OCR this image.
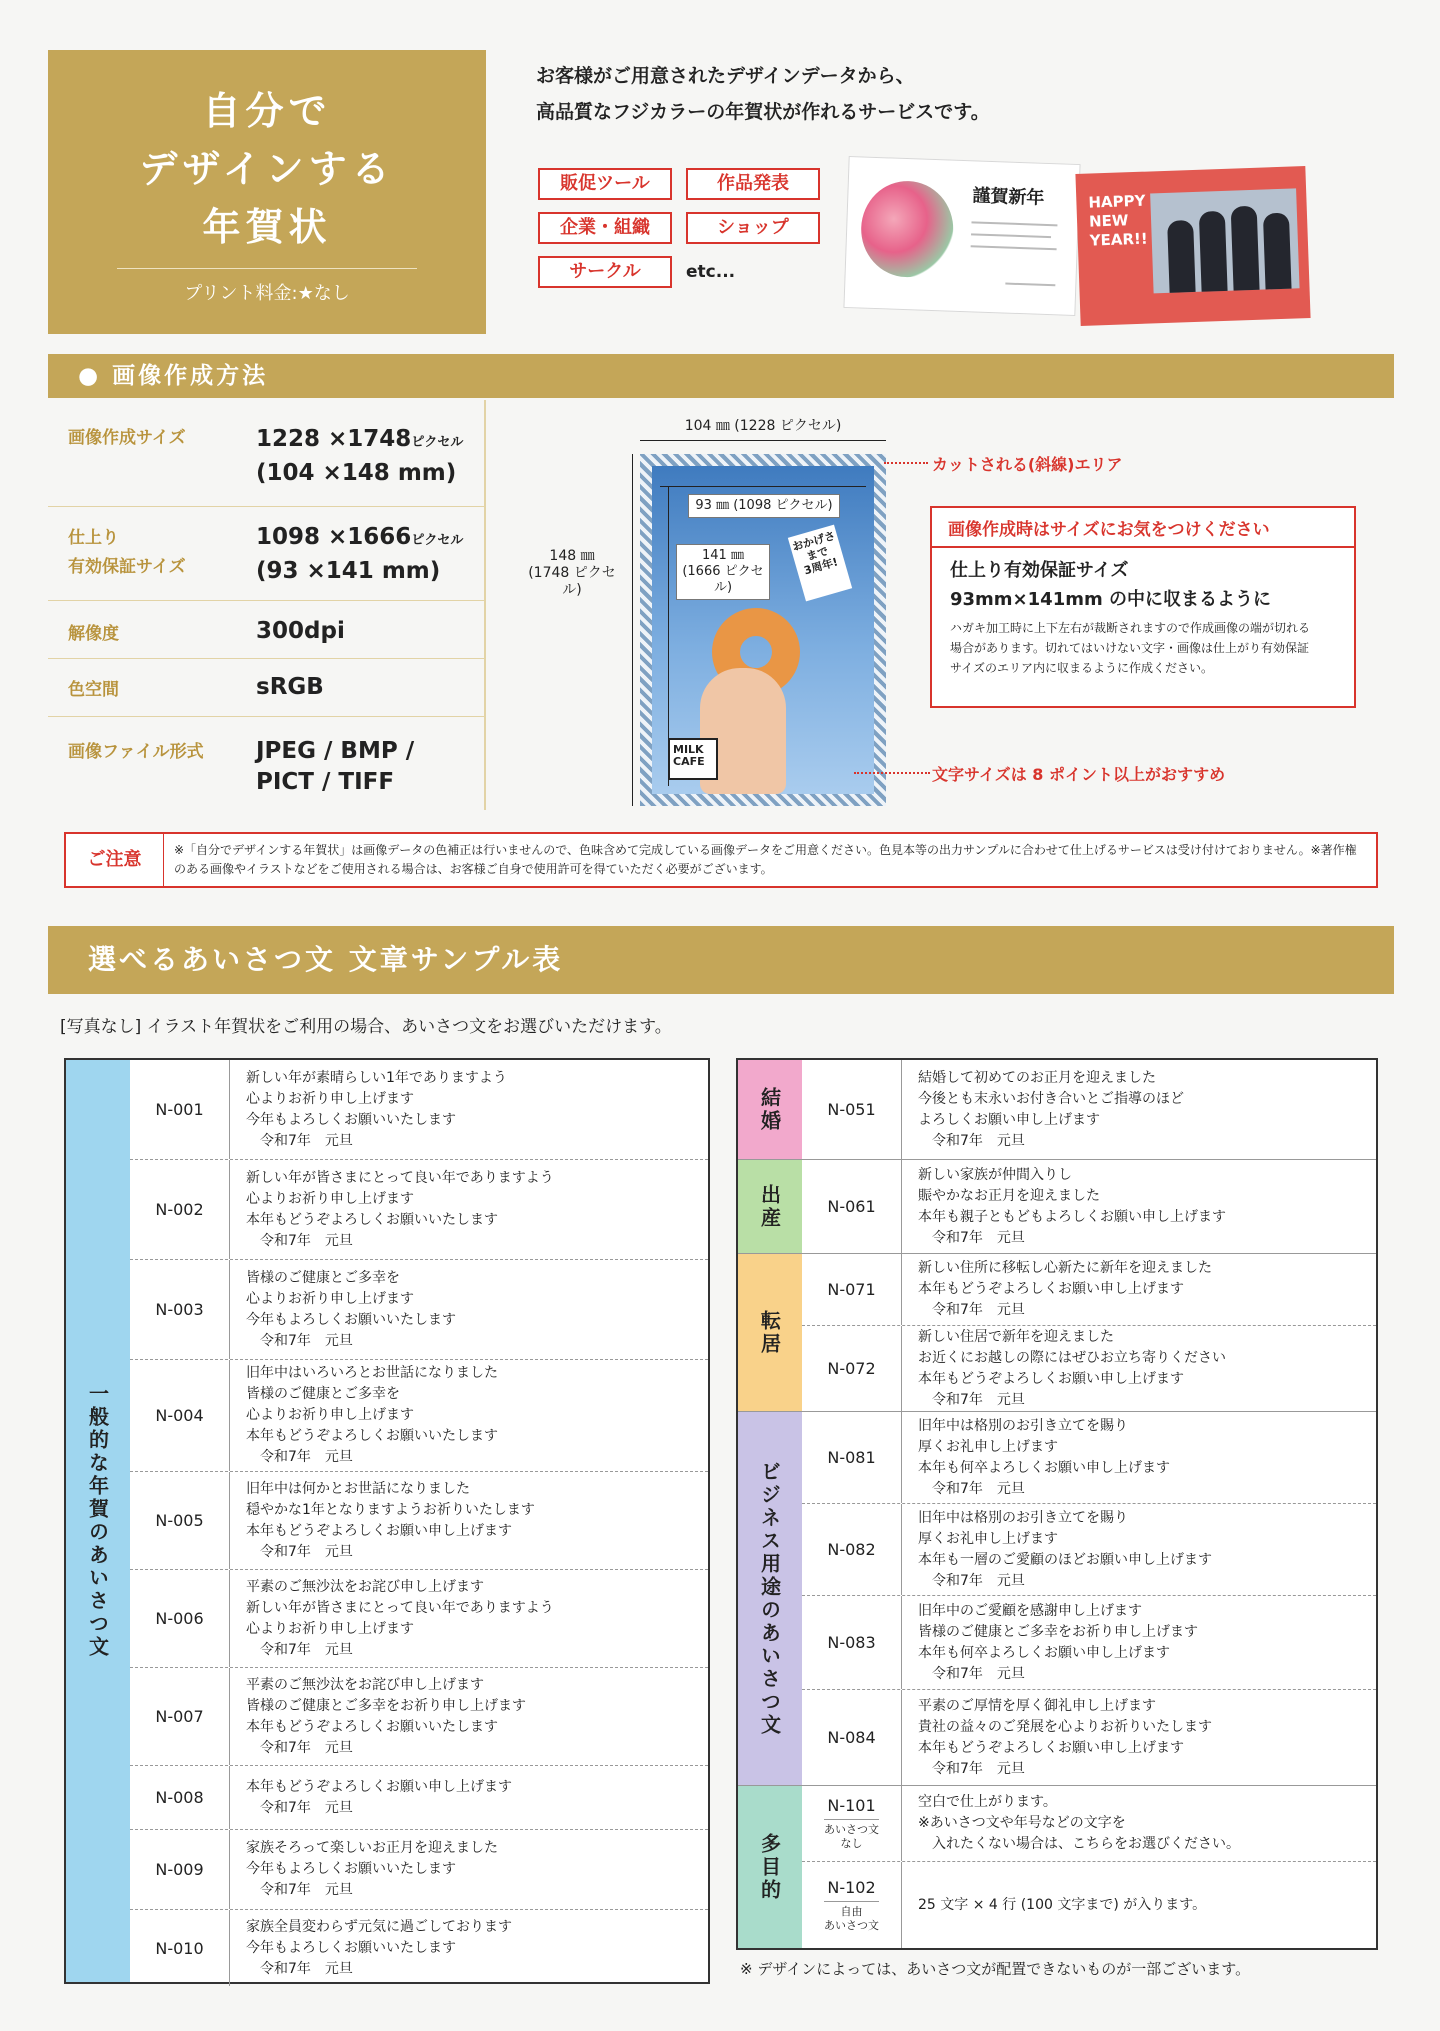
自分で
デザインする
年賀状
プリント料金:★なし
お客様がご用意されたデザインデータから、
高品質なフジカラーの年賀状が作れるサービスです。
販促ツール	作品発表
企業・組織	ショップ
サークル	etc...
謹賀新年	HAPPY
NEW
YEAR!!
● 画像作成方法
画像作成サイズ	1228 ×1748ピクセル
(104 ×148 mm)
仕上り
有効保証サイズ
1098 ×1666ピクセル
(93 ×141 mm)
解像度	300dpi
色空間	sRGB
画像ファイル形式	JPEG / BMP /
PICT / TIFF
104 ㎜ (1228 ピクセル)
148 ㎜
(1748 ピクセル)
MILK
CAFE
おかげさまで
3周年!
93 ㎜ (1098 ピクセル)
141 ㎜
(1666 ピクセル)
カットされる(斜線)エリア
文字サイズは 8 ポイント以上がおすすめ
画像作成時はサイズにお気をつけください
仕上り有効保証サイズ
93mm×141mm の中に収まるように
ハガキ加工時に上下左右が裁断されますので作成画像の端が切れる
場合があります。切れてはいけない文字・画像は仕上がり有効保証
サイズのエリア内に収まるように作成ください。
ご注意	※「自分でデザインする年賀状」は画像データの色補正は行いませんので、色味含めて完成している画像データをご用意ください。色見本等の出力サンプルに合わせて仕上げるサービスは受け付けておりません。※著作権のある画像やイラストなどをご使用される場合は、お客様ご自身で使用許可を得ていただく必要がございます。
選べるあいさつ文 文章サンプル表
[写真なし] イラスト年賀状をご利用の場合、あいさつ文をお選びいただけます。
一般的な年賀のあいさつ文
N-001
新しい年が素晴らしい1年でありますよう
心よりお祈り申し上げます
今年もよろしくお願いいたします
　令和7年　元旦
N-002
新しい年が皆さまにとって良い年でありますよう
心よりお祈り申し上げます
本年もどうぞよろしくお願いいたします
　令和7年　元旦
N-003
皆様のご健康とご多幸を
心よりお祈り申し上げます
今年もよろしくお願いいたします
　令和7年　元旦
N-004
旧年中はいろいろとお世話になりました
皆様のご健康とご多幸を
心よりお祈り申し上げます
本年もどうぞよろしくお願いいたします
　令和7年　元旦
N-005
旧年中は何かとお世話になりました
穏やかな1年となりますようお祈りいたします
本年もどうぞよろしくお願い申し上げます
　令和7年　元旦
N-006
平素のご無沙汰をお詫び申し上げます
新しい年が皆さまにとって良い年でありますよう
心よりお祈り申し上げます
　令和7年　元旦
N-007
平素のご無沙汰をお詫び申し上げます
皆様のご健康とご多幸をお祈り申し上げます
本年もどうぞよろしくお願いいたします
　令和7年　元旦
N-008
本年もどうぞよろしくお願い申し上げます
　令和7年　元旦
N-009
家族そろって楽しいお正月を迎えました
今年もよろしくお願いいたします
　令和7年　元旦
N-010
家族全員変わらず元気に過ごしております
今年もよろしくお願いいたします
　令和7年　元旦
結婚	N-051
結婚して初めてのお正月を迎えました
今後とも末永いお付き合いとご指導のほど
よろしくお願い申し上げます
　令和7年　元旦
出産	N-061
新しい家族が仲間入りし
賑やかなお正月を迎えました
本年も親子ともどもよろしくお願い申し上げます
　令和7年　元旦
転居
N-071
新しい住所に移転し心新たに新年を迎えました
本年もどうぞよろしくお願い申し上げます
　令和7年　元旦
N-072
新しい住居で新年を迎えました
お近くにお越しの際にはぜひお立ち寄りください
本年もどうぞよろしくお願い申し上げます
　令和7年　元旦
ビジネス用途のあいさつ文
N-081
旧年中は格別のお引き立てを賜り
厚くお礼申し上げます
本年も何卒よろしくお願い申し上げます
　令和7年　元旦
N-082
旧年中は格別のお引き立てを賜り
厚くお礼申し上げます
本年も一層のご愛顧のほどお願い申し上げます
　令和7年　元旦
N-083
旧年中のご愛顧を感謝申し上げます
皆様のご健康とご多幸をお祈り申し上げます
本年も何卒よろしくお願い申し上げます
　令和7年　元旦
N-084
平素のご厚情を厚く御礼申し上げます
貴社の益々のご発展を心よりお祈りいたします
本年もどうぞよろしくお願い申し上げます
　令和7年　元旦
多目的
N-101
あいさつ文
なし
空白で仕上がります。
※あいさつ文や年号などの文字を
　入れたくない場合は、こちらをお選びください。
N-102
自由
あいさつ文
25 文字 × 4 行 (100 文字まで) が入ります。
※ デザインによっては、あいさつ文が配置できないものが一部ございます。
